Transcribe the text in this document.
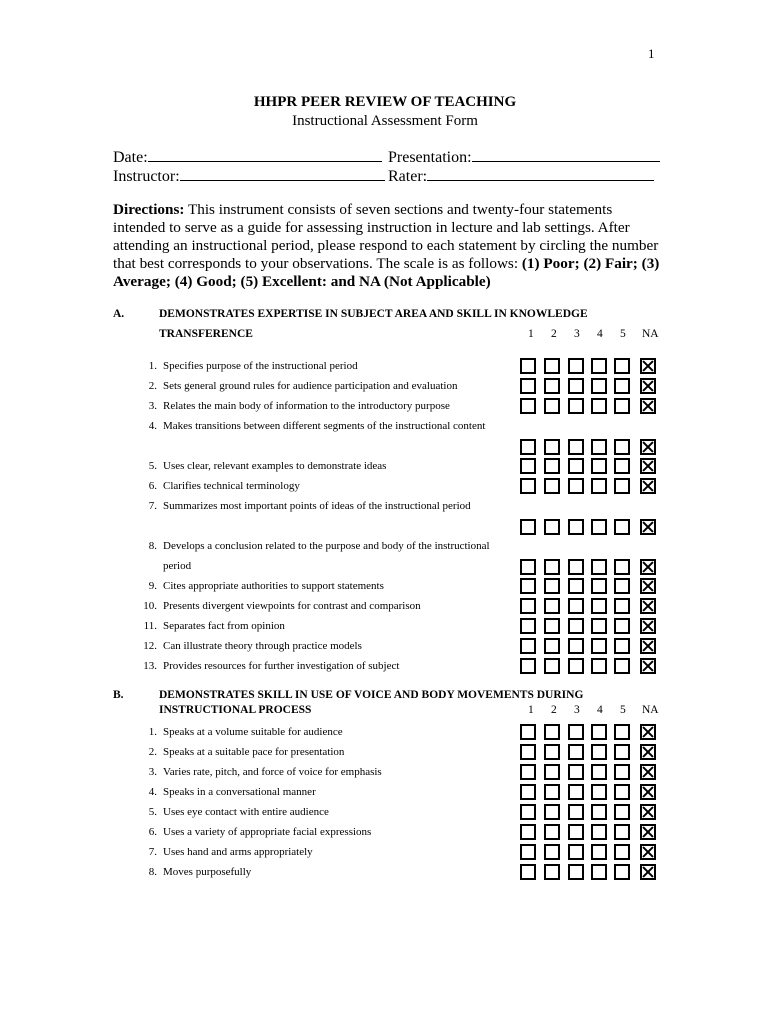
1
HHPR PEER REVIEW OF TEACHING
Instructional Assessment Form
Date:	Presentation:
Instructor:	Rater:
Directions: This instrument consists of seven sections and twenty-four statements intended to serve as a guide for assessing instruction in lecture and lab settings. After attending an instructional period, please respond to each statement by circling the number that best corresponds to your observations. The scale is as follows: (1) Poor; (2) Fair; (3) Average; (4) Good; (5) Excellent: and NA (Not Applicable)
A.	DEMONSTRATES EXPERTISE IN SUBJECT AREA AND SKILL IN KNOWLEDGE
TRANSFERENCE	1 2 3 4 5 NA
1. Specifies purpose of the instructional period
2. Sets general ground rules for audience participation and evaluation
3. Relates the main body of information to the introductory purpose
4. Makes transitions between different segments of the instructional content
5. Uses clear, relevant examples to demonstrate ideas
6. Clarifies technical terminology
7. Summarizes most important points of ideas of the instructional period
8. Develops a conclusion related to the purpose and body of the instructional period
9. Cites appropriate authorities to support statements
10. Presents divergent viewpoints for contrast and comparison
11. Separates fact from opinion
12. Can illustrate theory through practice models
13. Provides resources for further investigation of subject
B.	DEMONSTRATES SKILL IN USE OF VOICE AND BODY MOVEMENTS DURING
INSTRUCTIONAL PROCESS	1 2 3 4 5 NA
1. Speaks at a volume suitable for audience
2. Speaks at a suitable pace for presentation
3. Varies rate, pitch, and force of voice for emphasis
4. Speaks in a conversational manner
5. Uses eye contact with entire audience
6. Uses a variety of appropriate facial expressions
7. Uses hand and arms appropriately
8. Moves purposefully
